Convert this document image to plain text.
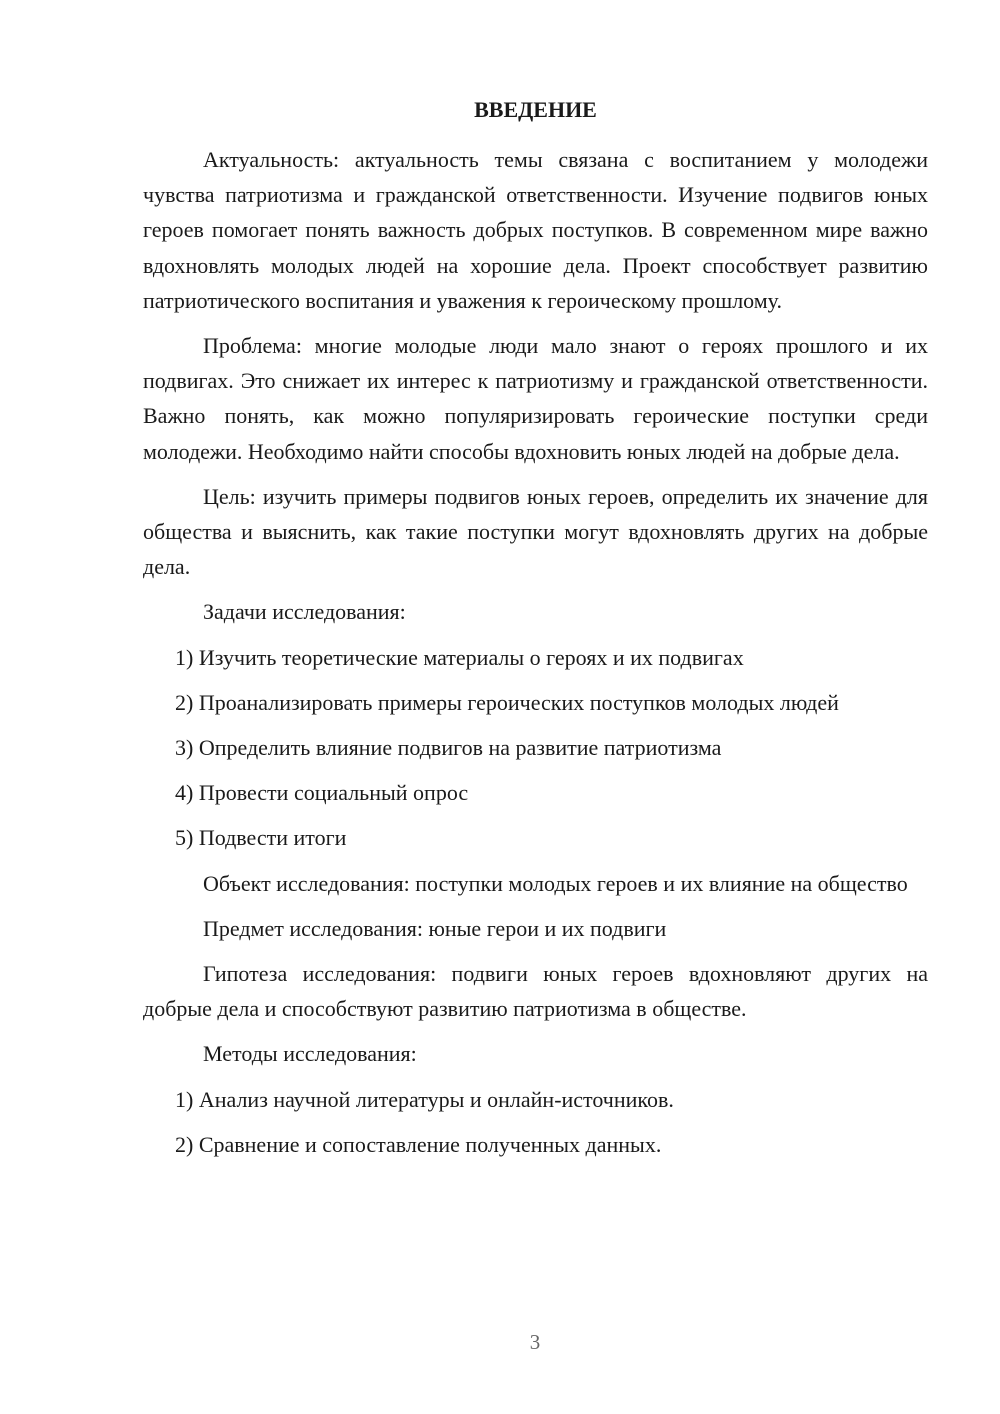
ВВЕДЕНИЕ

Актуальность: актуальность темы связана с воспитанием у молодежи чувства патриотизма и гражданской ответственности. Изучение подвигов юных героев помогает понять важность добрых поступков. В современном мире важно вдохновлять молодых людей на хорошие дела. Проект способствует развитию патриотического воспитания и уважения к героическому прошлому.

Проблема: многие молодые люди мало знают о героях прошлого и их подвигах. Это снижает их интерес к патриотизму и гражданской ответственности. Важно понять, как можно популяризировать героические поступки среди молодежи. Необходимо найти способы вдохновить юных людей на добрые дела.

Цель: изучить примеры подвигов юных героев, определить их значение для общества и выяснить, как такие поступки могут вдохновлять других на добрые дела.

Задачи исследования:

1) Изучить теоретические материалы о героях и их подвигах

2) Проанализировать примеры героических поступков молодых людей

3) Определить влияние подвигов на развитие патриотизма

4) Провести социальный опрос

5) Подвести итоги

Объект исследования: поступки молодых героев и их влияние на общество

Предмет исследования: юные герои и их подвиги

Гипотеза исследования: подвиги юных героев вдохновляют других на добрые дела и способствуют развитию патриотизма в обществе.

Методы исследования:

1) Анализ научной литературы и онлайн-источников.

2) Сравнение и сопоставление полученных данных.

3
